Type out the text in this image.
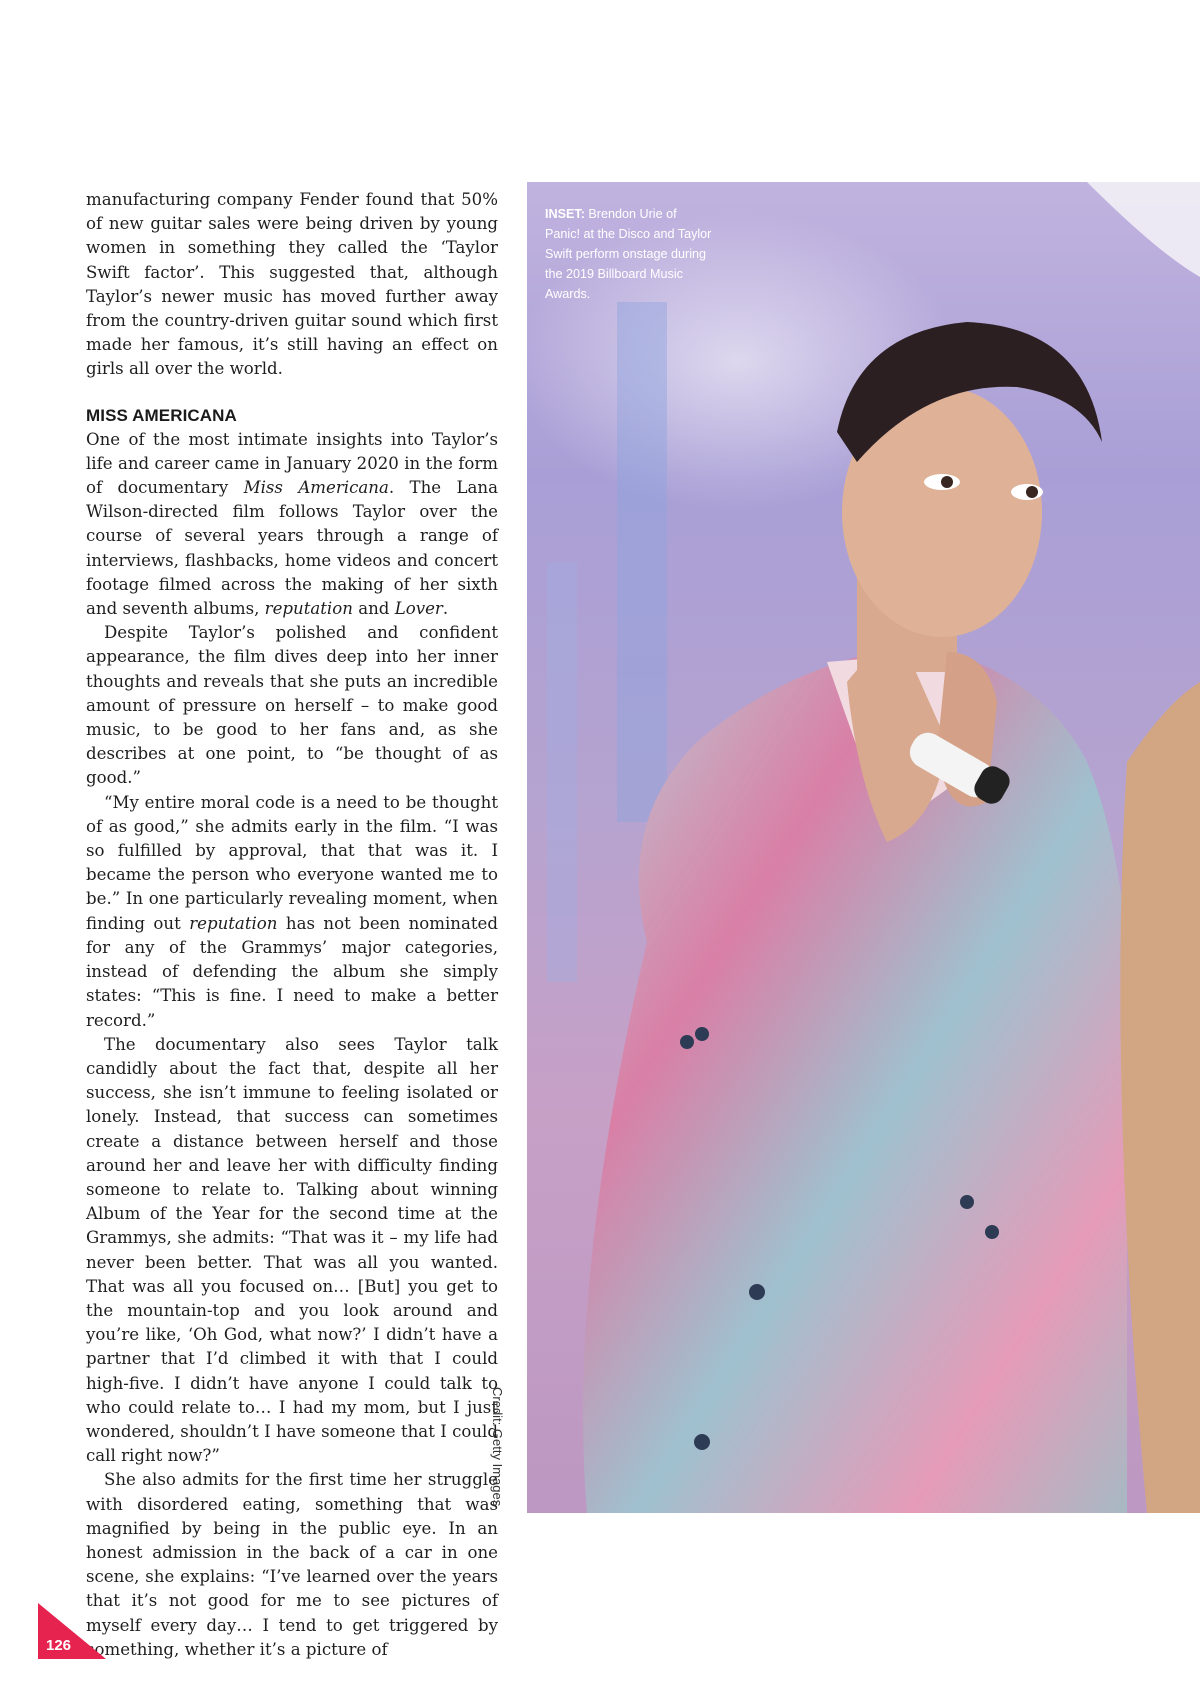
manufacturing company Fender found that 50% of new guitar sales were being driven by young women in something they called the ‘Taylor Swift factor’. This suggested that, although Taylor’s newer music has moved further away from the country-driven guitar sound which first made her famous, it’s still having an effect on girls all over the world.

MISS AMERICANA

One of the most intimate insights into Taylor’s life and career came in January 2020 in the form of documentary Miss Americana. The Lana Wilson-directed film follows Taylor over the course of several years through a range of interviews, flashbacks, home videos and concert footage filmed across the making of her sixth and seventh albums, reputation and Lover.

Despite Taylor’s polished and confident appearance, the film dives deep into her inner thoughts and reveals that she puts an incredible amount of pressure on herself – to make good music, to be good to her fans and, as she describes at one point, to “be thought of as good.”

“My entire moral code is a need to be thought of as good,” she admits early in the film. “I was so fulfilled by approval, that that was it. I became the person who everyone wanted me to be.” In one particularly revealing moment, when finding out reputation has not been nominated for any of the Grammys’ major categories, instead of defending the album she simply states: “This is fine. I need to make a better record.”

The documentary also sees Taylor talk candidly about the fact that, despite all her success, she isn’t immune to feeling isolated or lonely. Instead, that success can sometimes create a distance between herself and those around her and leave her with difficulty finding someone to relate to. Talking about winning Album of the Year for the second time at the Grammys, she admits: “That was it – my life had never been better. That was all you wanted. That was all you focused on… [But] you get to the mountain-top and you look around and you’re like, ‘Oh God, what now?’ I didn’t have a partner that I’d climbed it with that I could high-five. I didn’t have anyone I could talk to who could relate to… I had my mom, but I just wondered, shouldn’t I have someone that I could call right now?”

She also admits for the first time her struggle with disordered eating, something that was magnified by being in the public eye. In an honest admission in the back of a car in one scene, she explains: “I’ve learned over the years that it’s not good for me to see pictures of myself every day… I tend to get triggered by something, whether it’s a picture of

INSET: Brendon Urie of Panic! at the Disco and Taylor Swift perform onstage during the 2019 Billboard Music Awards.
Credit: Getty Images
126
